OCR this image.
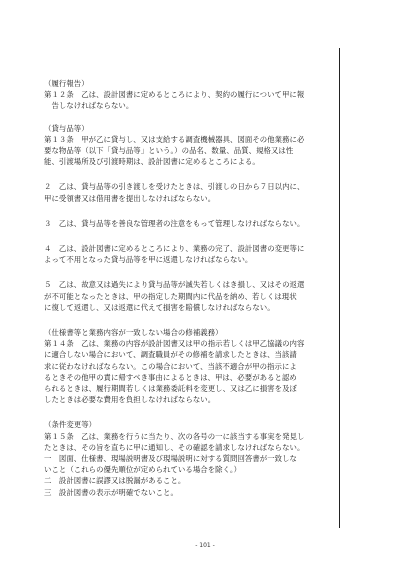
（履行報告）
第１２条　乙は、設計図書に定めるところにより、契約の履行について甲に報
　告しなければならない。
（貸与品等）
第１３条　甲が乙に貸与し、又は支給する調査機械器具、図面その他業務に必
要な物品等（以下「貸与品等」という。）の品名、数量、品質、規格又は性
能、引渡場所及び引渡時期は、設計図書に定めるところによる。
２　乙は、貸与品等の引き渡しを受けたときは、引渡しの日から７日以内に、
甲に受領書又は借用書を提出しなければならない。
３　乙は、貸与品等を善良な管理者の注意をもって管理しなければならない。
４　乙は、設計図書に定めるところにより、業務の完了、設計図書の変更等に
よって不用となった貸与品等を甲に返還しなければならない。
５　乙は、故意又は過失により貸与品等が滅失若しくはき損し、又はその返還
が不可能となったときは、甲の指定した期間内に代品を納め、若しくは現状
に復して返還し、又は返還に代えて損害を賠償しなければならない。
（仕様書等と業務内容が一致しない場合の修補義務）
第１４条　乙は、業務の内容が設計図書又は甲の指示若しくは甲乙協議の内容
に適合しない場合において、調査職員がその修補を請求したときは、当該請
求に従わなければならない。この場合において、当該不適合が甲の指示によ
るときその他甲の責に帰すべき事由によるときは、甲は、必要があると認め
られるときは、履行期間若しくは業務委託料を変更し、又は乙に損害を及ぼ
したときは必要な費用を負担しなければならない。
（条件変更等）
第１５条　乙は、業務を行うに当たり、次の各号の一に該当する事実を発見し
たときは、その旨を直ちに甲に通知し、その確認を請求しなければならない。
一　図面、仕様書、現場説明書及び現場説明に対する質問回答書が一致しな
いこと（これらの優先順位が定められている場合を除く。）
二　設計図書に誤謬又は脱漏があること。
三　設計図書の表示が明確でないこと。
- 101 -
